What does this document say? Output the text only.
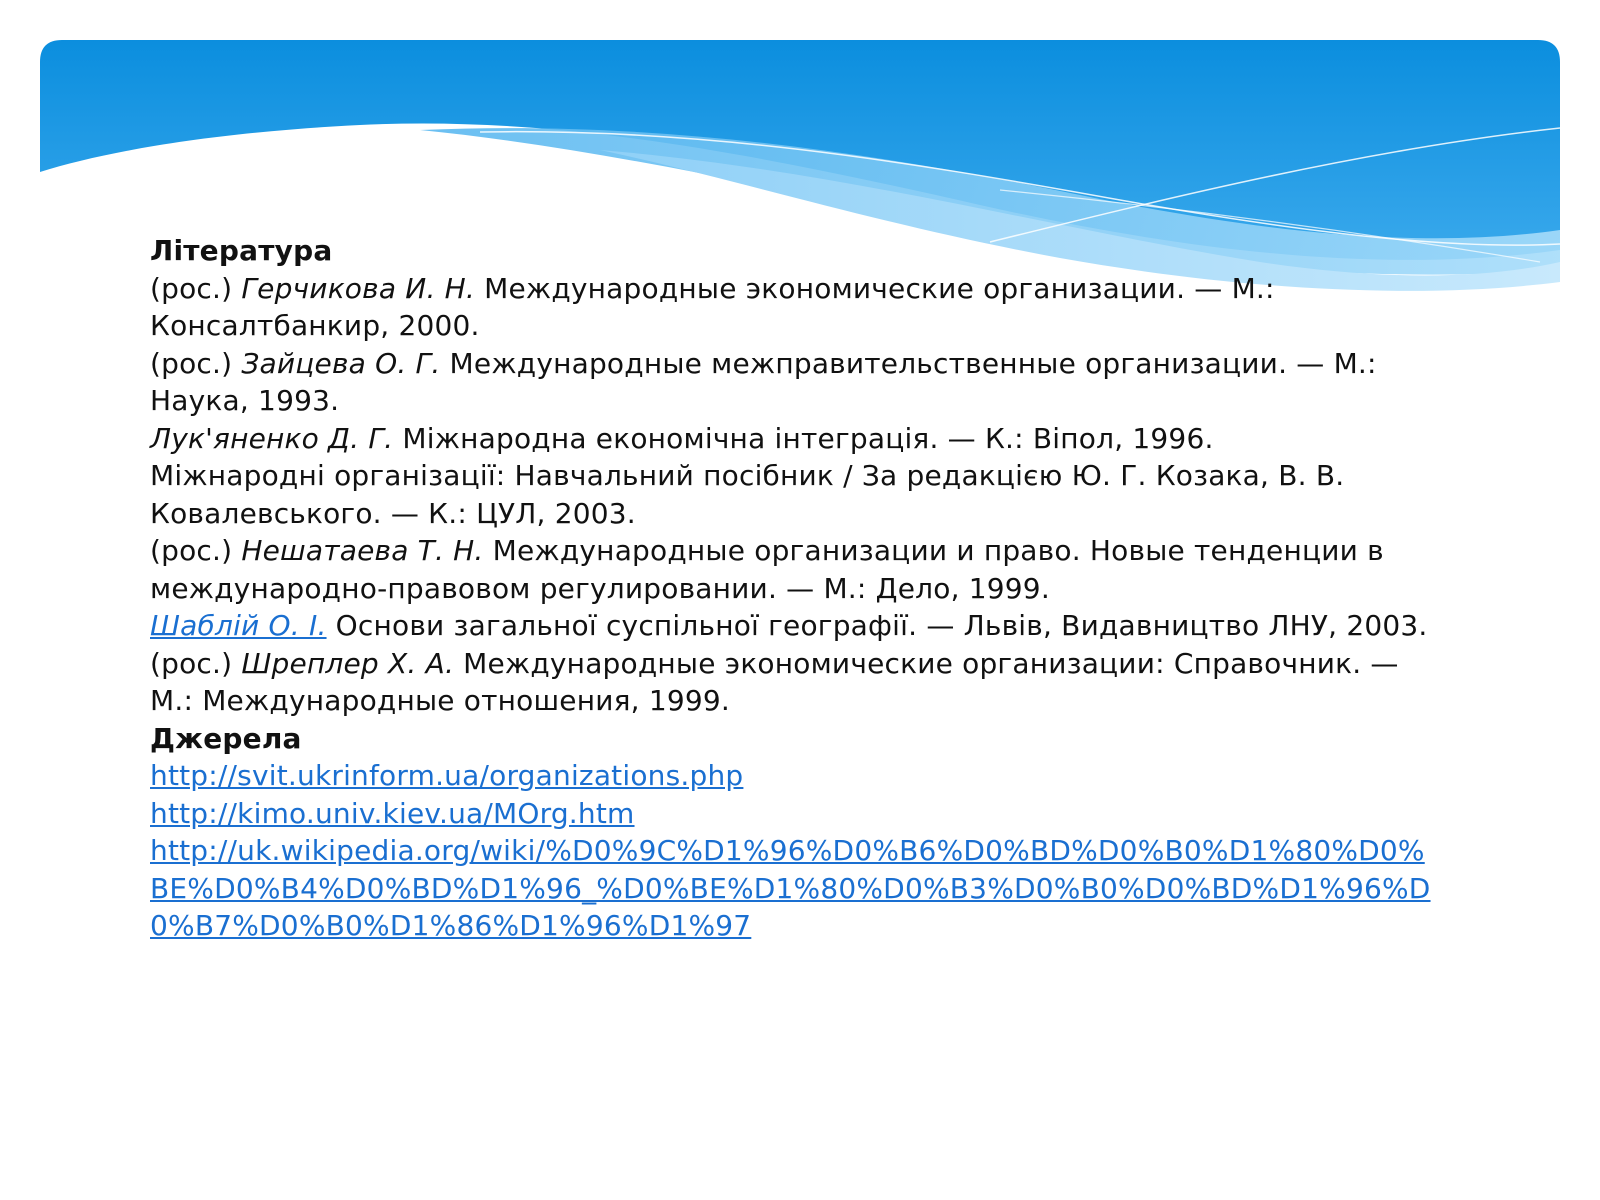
Література

(рос.) Герчикова И. Н. Международные экономические организации. — М.: Консалтбанкир, 2000.

(рос.) Зайцева О. Г. Международные межправительственные организации. — М.: Наука, 1993.

Лук'яненко Д. Г. Міжнародна економічна інтеграція. — К.: Віпол, 1996.

Міжнародні організації: Навчальний посібник / За редакцією Ю. Г. Козака, В. В. Ковалевського. — К.: ЦУЛ, 2003.

(рос.) Нешатаева Т. Н. Международные организации и право. Новые тенденции в международно-правовом регулировании. — М.: Дело, 1999.

Шаблій О. І. Основи загальної суспільної географії. — Львів, Видавництво ЛНУ, 2003.

(рос.) Шреплер Х. А. Международные экономические организации: Справочник. — М.: Международные отношения, 1999.

Джерела

http://svit.ukrinform.ua/organizations.php
http://kimo.univ.kiev.ua/MOrg.htm
http://uk.wikipedia.org/wiki/%D0%9C%D1%96%D0%B6%D0%BD%D0%B0%D1%80%D0%BE%D0%B4%D0%BD%D1%96_%D0%BE%D1%80%D0%B3%D0%B0%D0%BD%D1%96%D0%B7%D0%B0%D1%86%D1%96%D1%97
